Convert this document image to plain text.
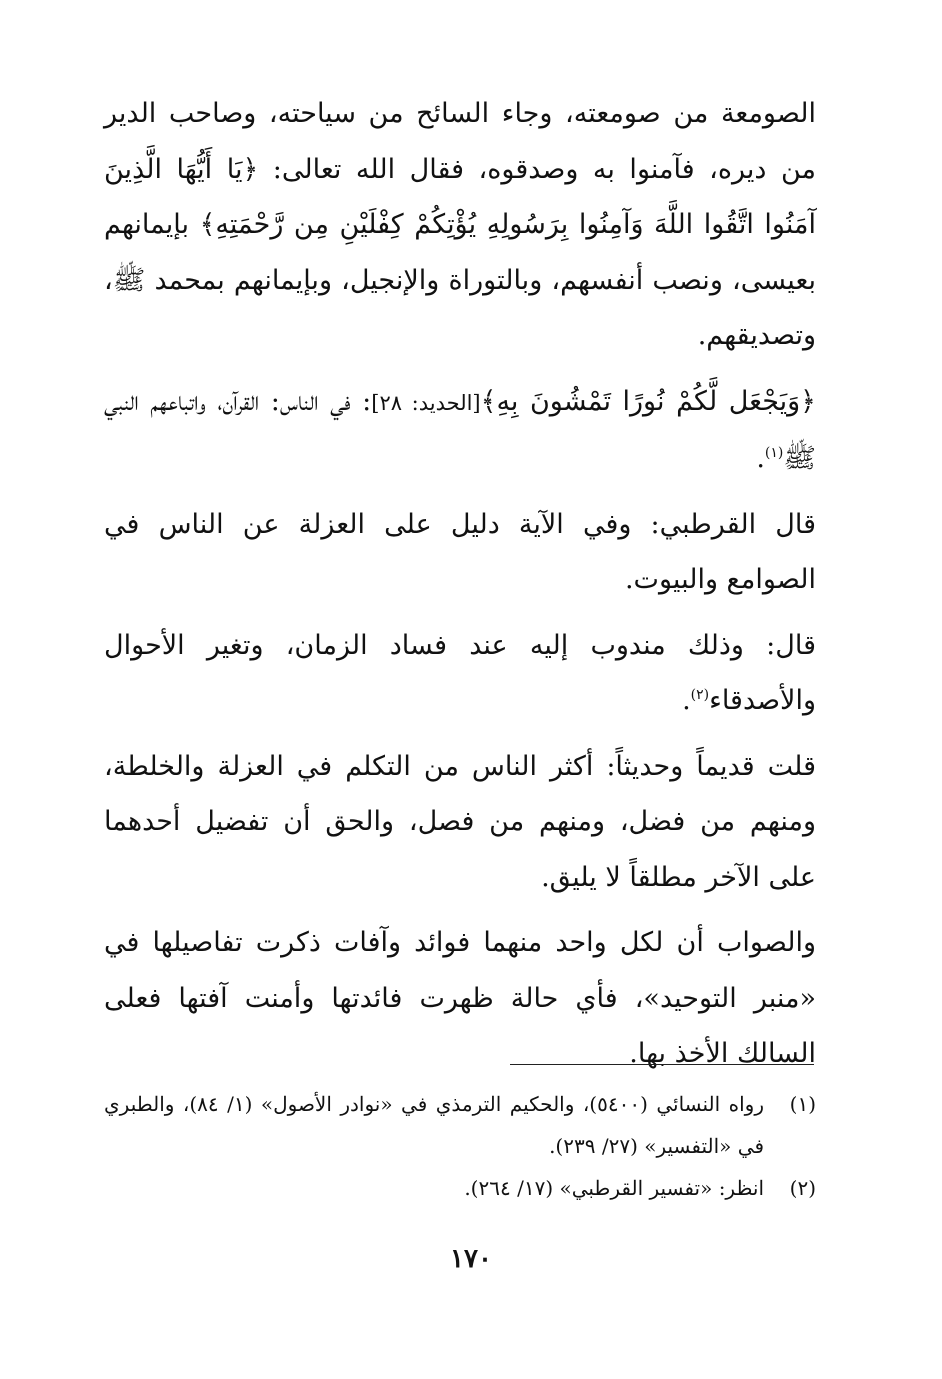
الصومعة من صومعته، وجاء السائح من سياحته، وصاحب الدير من ديره، فآمنوا به وصدقوه، فقال الله تعالى: ﴿يَا أَيُّهَا الَّذِينَ آمَنُوا اتَّقُوا اللَّهَ وَآمِنُوا بِرَسُولِهِ يُؤْتِكُمْ كِفْلَيْنِ مِن رَّحْمَتِهِ﴾ بإيمانهم بعيسى، ونصب أنفسهم، وبالتوراة والإنجيل، وبإيمانهم بمحمد ﷺ، وتصديقهم.

﴿وَيَجْعَل لَّكُمْ نُورًا تَمْشُونَ بِهِ﴾[الحديد: ٢٨]: في الناس: القرآن، واتباعهم النبي ﷺ$^{(١)}$.

قال القرطبي: وفي الآية دليل على العزلة عن الناس في الصوامع والبيوت.

قال: وذلك مندوب إليه عند فساد الزمان، وتغير الأحوال والأصدقاء$^{(٢)}$.

قلت قديماً وحديثاً: أكثر الناس من التكلم في العزلة والخلطة، ومنهم من فضل، ومنهم من فصل، والحق أن تفضيل أحدهما على الآخر مطلقاً لا يليق.

والصواب أن لكل واحد منهما فوائد وآفات ذكرت تفاصيلها في «منبر التوحيد»، فأي حالة ظهرت فائدتها وأمنت آفتها فعلى السالك الأخذ بها.

(١)
رواه النسائي (٥٤٠٠)، والحكيم الترمذي في «نوادر الأصول» (١/ ٨٤)، والطبري في «التفسير» (٢٧/ ٢٣٩).
(٢)
انظر: «تفسير القرطبي» (١٧/ ٢٦٤).
١٧٠
